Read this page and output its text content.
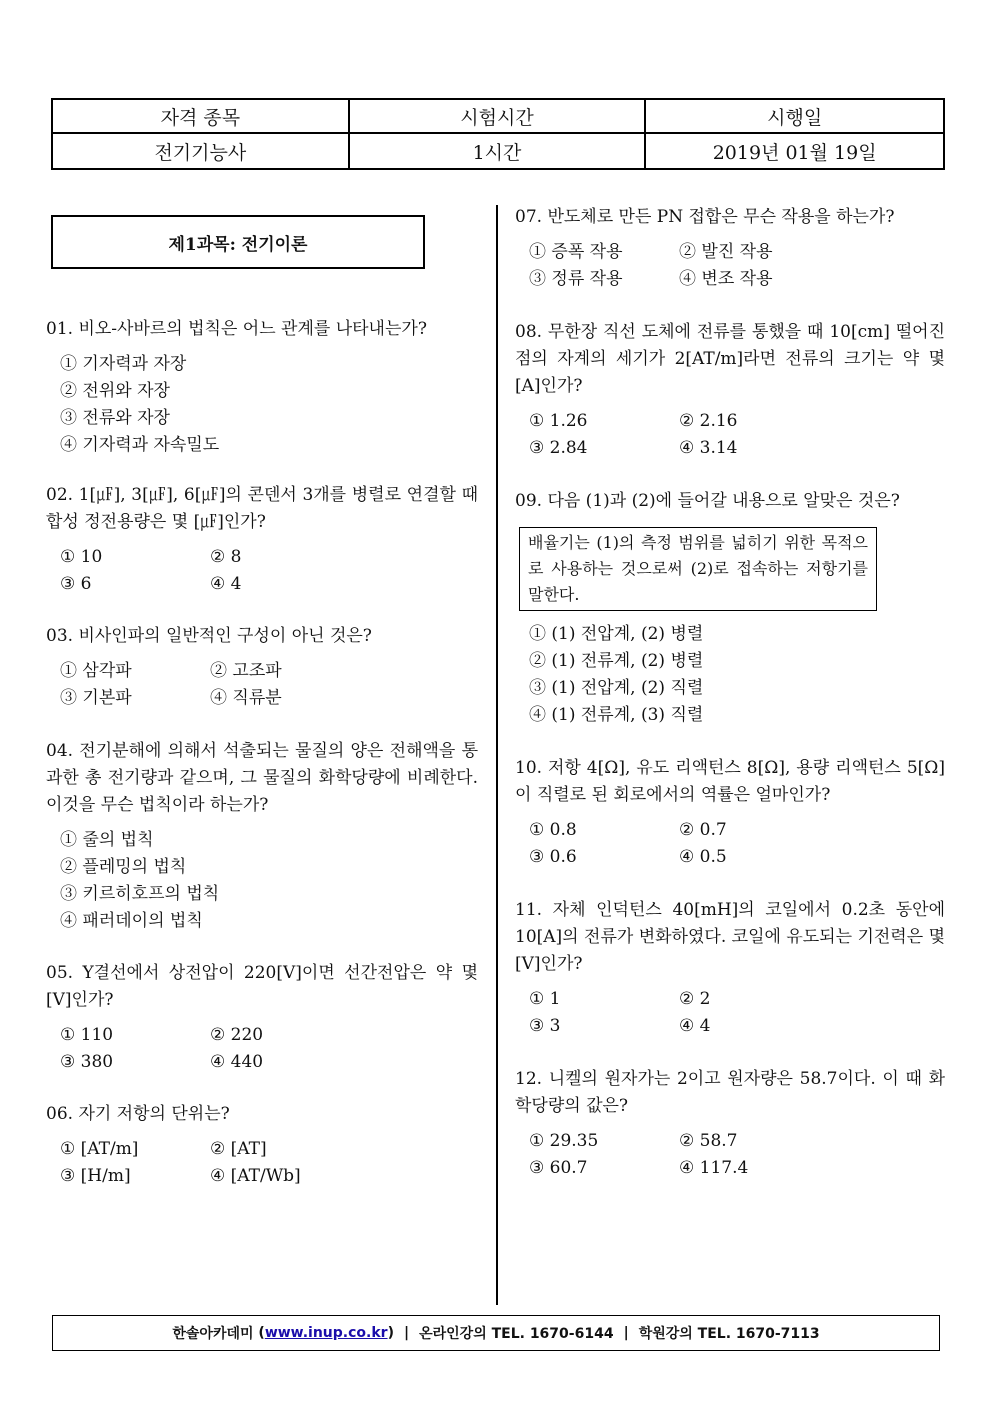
자격 종목	시험시간	시행일
전기기능사	1시간	2019년 01월 19일
제1과목: 전기이론
01. 비오-사바르의 법칙은 어느 관계를 나타내는가?
① 기자력과 자장
② 전위와 자장
③ 전류와 자장
④ 기자력과 자속밀도
02. 1[㎌], 3[㎌], 6[㎌]의 콘덴서 3개를 병렬로 연결할 때 합성 정전용량은 몇 [㎌]인가?
① 10	② 8
③ 6	④ 4
03. 비사인파의 일반적인 구성이 아닌 것은?
① 삼각파	② 고조파
③ 기본파	④ 직류분
04. 전기분해에 의해서 석출되는 물질의 양은 전해액을 통과한 총 전기량과 같으며, 그 물질의 화학당량에 비례한다. 이것을 무슨 법칙이라 하는가?
① 줄의 법칙
② 플레밍의 법칙
③ 키르히호프의 법칙
④ 패러데이의 법칙
05. Y결선에서 상전압이 220[V]이면 선간전압은 약 몇 [V]인가?
① 110	② 220
③ 380	④ 440
06. 자기 저항의 단위는?
① [AT/m]	② [AT]
③ [H/m]	④ [AT/Wb]
07. 반도체로 만든 PN 접합은 무슨 작용을 하는가?
① 증폭 작용	② 발진 작용
③ 정류 작용	④ 변조 작용
08. 무한장 직선 도체에 전류를 통했을 때 10[cm] 떨어진 점의 자계의 세기가 2[AT/m]라면 전류의 크기는 약 몇 [A]인가?
① 1.26	② 2.16
③ 2.84	④ 3.14
09. 다음 (1)과 (2)에 들어갈 내용으로 알맞은 것은?
배율기는 (1)의 측정 범위를 넓히기 위한 목적으로 사용하는 것으로써 (2)로 접속하는 저항기를 말한다.
① (1) 전압계, (2) 병렬
② (1) 전류계, (2) 병렬
③ (1) 전압계, (2) 직렬
④ (1) 전류계, (3) 직렬
10. 저항 4[Ω], 유도 리액턴스 8[Ω], 용량 리액턴스 5[Ω]이 직렬로 된 회로에서의 역률은 얼마인가?
① 0.8	② 0.7
③ 0.6	④ 0.5
11. 자체 인덕턴스 40[mH]의 코일에서 0.2초 동안에 10[A]의 전류가 변화하였다. 코일에 유도되는 기전력은 몇 [V]인가?
① 1	② 2
③ 3	④ 4
12. 니켈의 원자가는 2이고 원자량은 58.7이다. 이 때 화학당량의 값은?
① 29.35	② 58.7
③ 60.7	④ 117.4
한솔아카데미 ( www.inup.co.kr ) | 온라인강의 TEL. 1670-6144 | 학원강의 TEL. 1670-7113
